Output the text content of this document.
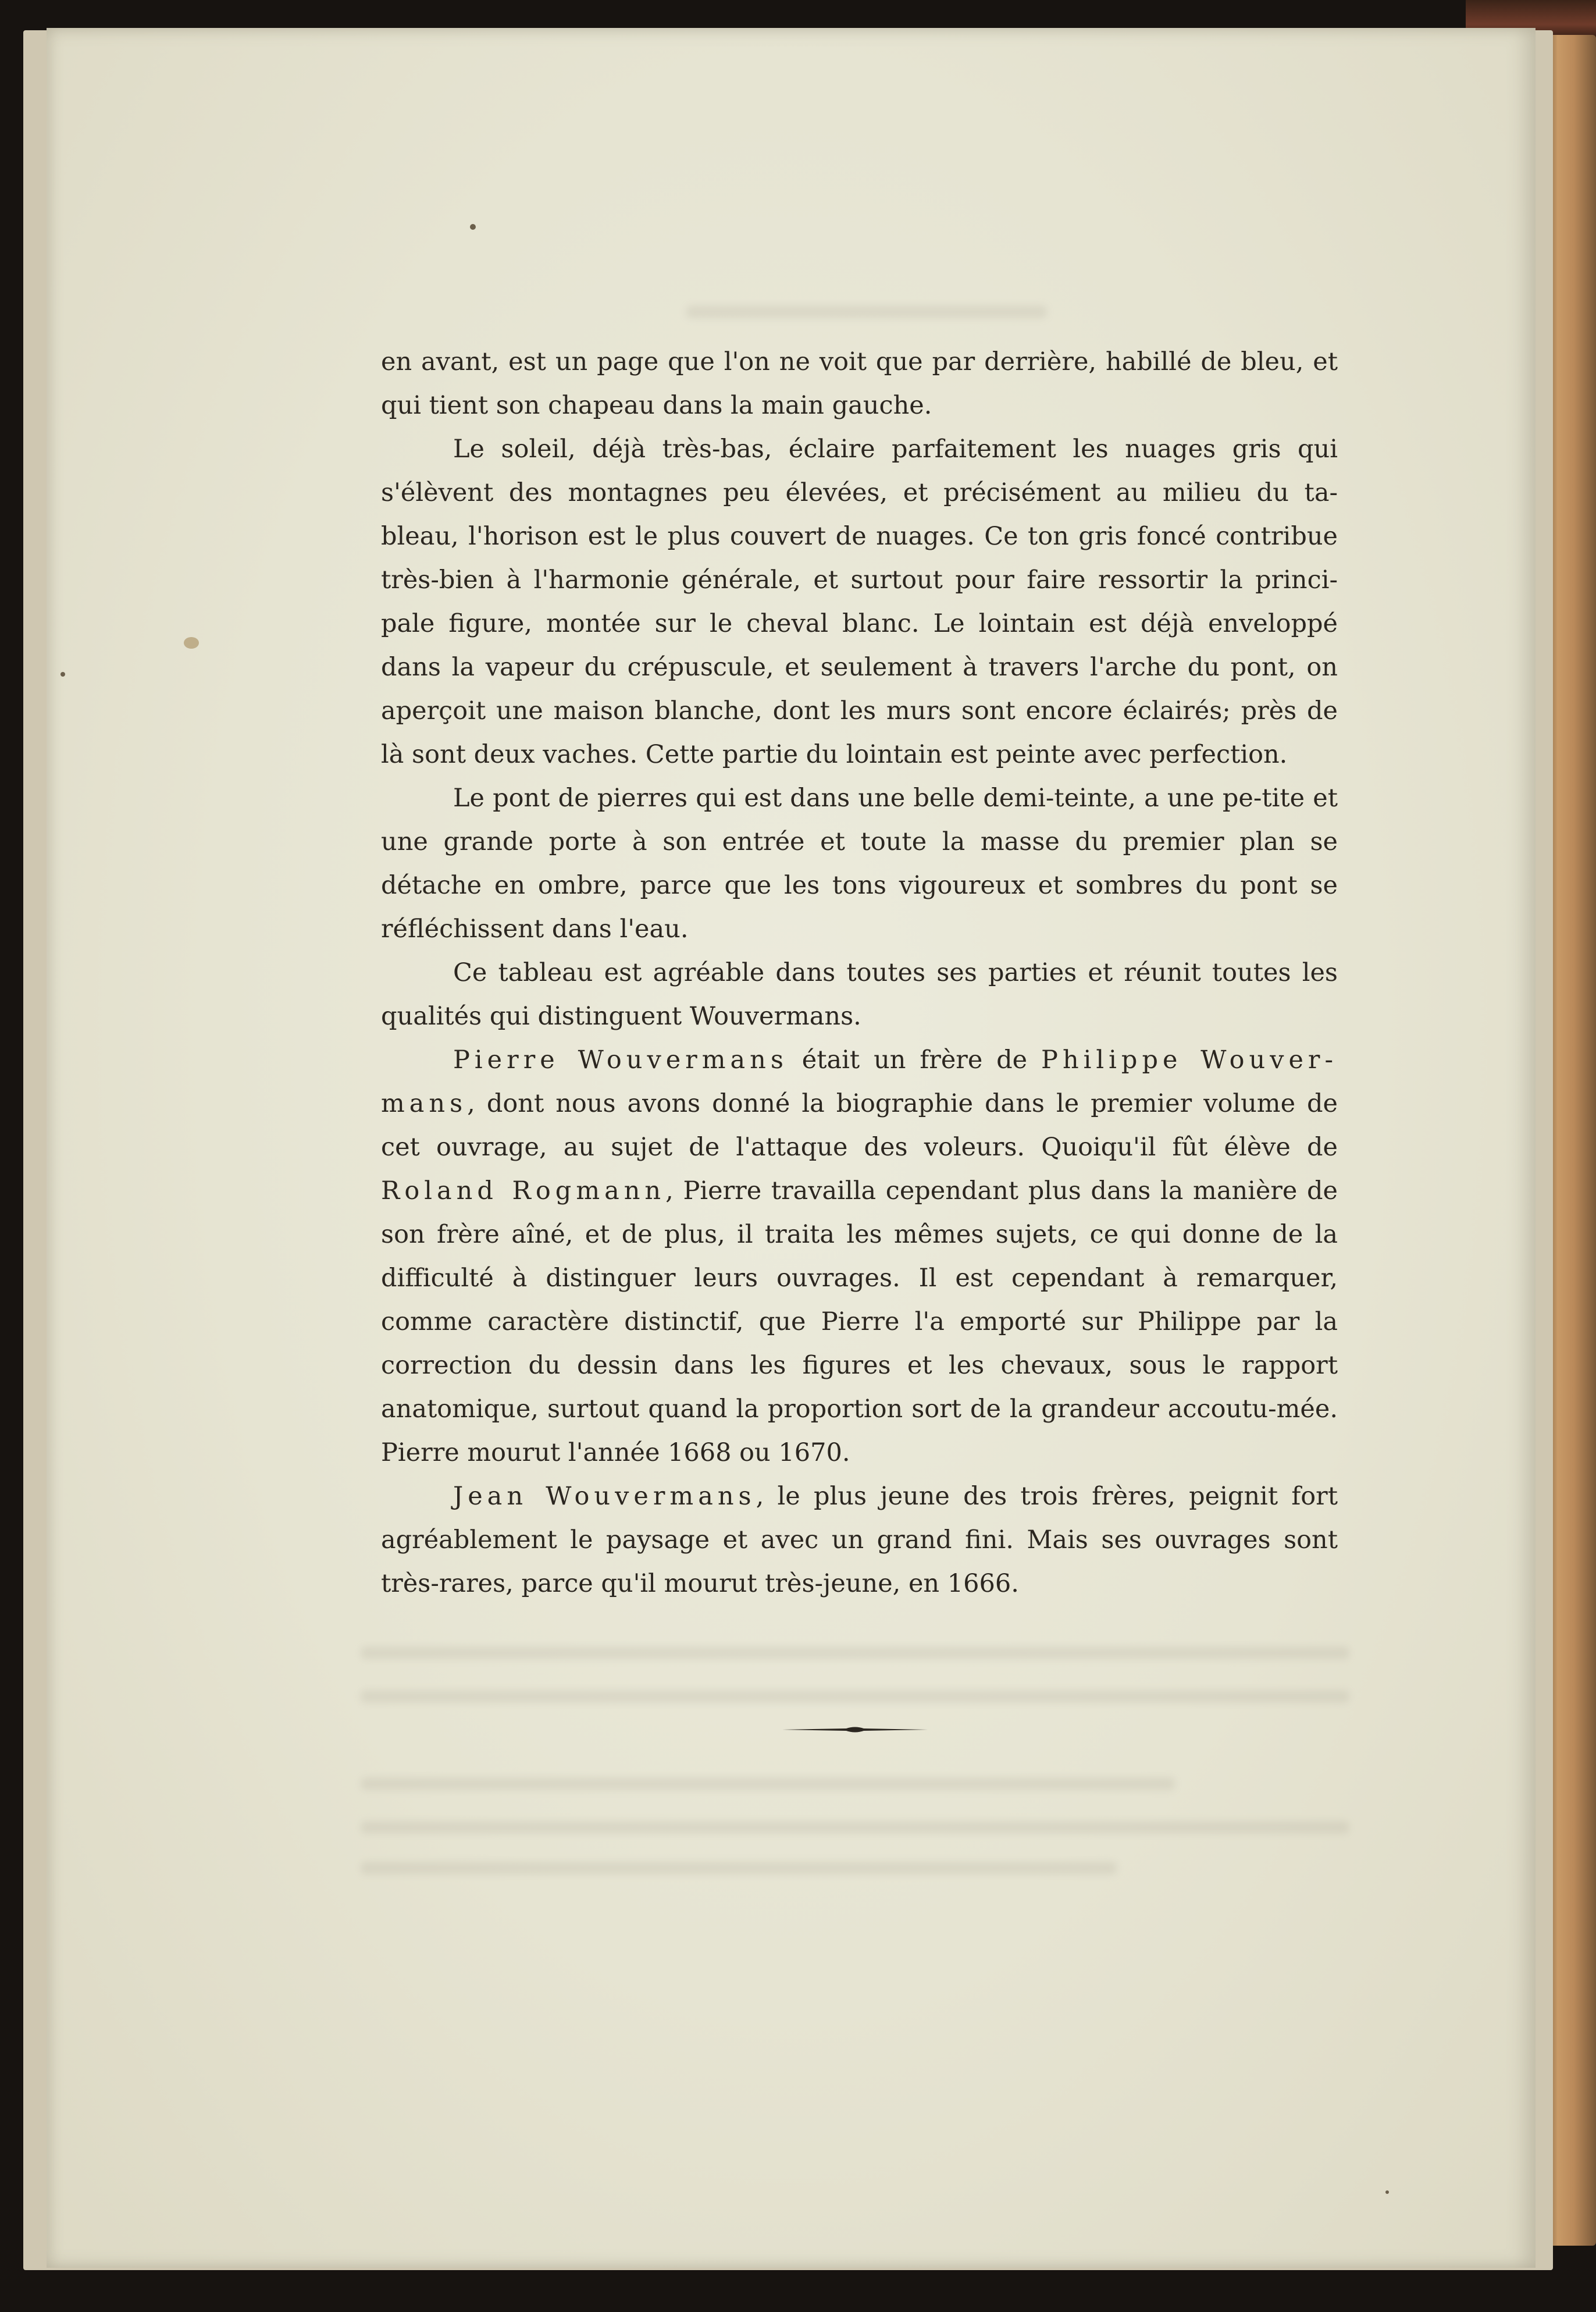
en avant, est un page que l'on ne voit que par derrière, habillé de bleu, et qui tient son chapeau dans la main gauche.

Le soleil, déjà très-bas, éclaire parfaitement les nuages gris qui s'élèvent des montagnes peu élevées, et précisément au milieu du ta-bleau, l'horison est le plus couvert de nuages. Ce ton gris foncé contribue très-bien à l'harmonie générale, et surtout pour faire ressortir la princi-pale figure, montée sur le cheval blanc. Le lointain est déjà enveloppé dans la vapeur du crépuscule, et seulement à travers l'arche du pont, on aperçoit une maison blanche, dont les murs sont encore éclairés; près de là sont deux vaches. Cette partie du lointain est peinte avec perfection.

Le pont de pierres qui est dans une belle demi-teinte, a une pe-tite et une grande porte à son entrée et toute la masse du premier plan se détache en ombre, parce que les tons vigoureux et sombres du pont se réfléchissent dans l'eau.

Ce tableau est agréable dans toutes ses parties et réunit toutes les qualités qui distinguent Wouvermans.

Pierre Wouvermans était un frère de Philippe Wouver-mans, dont nous avons donné la biographie dans le premier volume de cet ouvrage, au sujet de l'attaque des voleurs. Quoiqu'il fût élève de Roland Rogmann, Pierre travailla cependant plus dans la manière de son frère aîné, et de plus, il traita les mêmes sujets, ce qui donne de la difficulté à distinguer leurs ouvrages. Il est cependant à remarquer, comme caractère distinctif, que Pierre l'a emporté sur Philippe par la correction du dessin dans les figures et les chevaux, sous le rapport anatomique, surtout quand la proportion sort de la grandeur accoutu-mée. Pierre mourut l'année 1668 ou 1670.

Jean Wouvermans, le plus jeune des trois frères, peignit fort agréablement le paysage et avec un grand fini. Mais ses ouvrages sont très-rares, parce qu'il mourut très-jeune, en 1666.
